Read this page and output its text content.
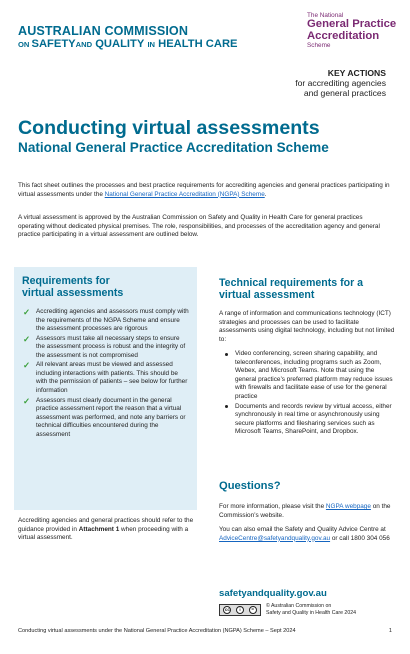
AUSTRALIAN COMMISSION
ON SAFETYAND QUALITY IN HEALTH CARE
The National
General Practice
Accreditation
Scheme
KEY ACTIONS
for accrediting agencies
and general practices
Conducting virtual assessments
National General Practice Accreditation Scheme

This fact sheet outlines the processes and best practice requirements for accrediting agencies and general practices participating in virtual assessments under the National General Practice Accreditation (NGPA) Scheme.

A virtual assessment is approved by the Australian Commission on Safety and Quality in Health Care for general practices operating without dedicated physical premises. The role, responsibilities, and processes of the accreditation agency and general practice participating in a virtual assessment are outlined below.

Requirements for
virtual assessments
✓ Accrediting agencies and assessors must comply with the requirements of the NGPA Scheme and ensure the assessment processes are rigorous
✓ Assessors must take all necessary steps to ensure the assessment process is robust and the integrity of the assessment is not compromised
✓ All relevant areas must be viewed and assessed including interactions with patients. This should be with the permission of patients – see below for further information
✓ Assessors must clearly document in the general practice assessment report the reason that a virtual assessment was performed, and note any barriers or technical difficulties encountered during the assessment

Accrediting agencies and general practices should refer to the guidance provided in Attachment 1 when proceeding with a virtual assessment.

Technical requirements for a
virtual assessment

A range of information and communications technology (ICT) strategies and processes can be used to facilitate assessments using digital technology, including but not limited to:

Video conferencing, screen sharing capability, and teleconferences, including programs such as Zoom, Webex, and Microsoft Teams. Note that using the general practice’s preferred platform may reduce issues with firewalls and facilitate ease of use for the general practice
Documents and records review by virtual access, either synchronously in real time or asynchronously using secure platforms and filesharing services such as Microsoft Teams, SharePoint, and Dropbox.
Questions?

For more information, please visit the NGPA webpage on the Commission’s website.

You can also email the Safety and Quality Advice Centre at AdviceCentre@safetyandquality.gov.au or call 1800 304 056

safetyandquality.gov.au
cc	i	=	© Australian Commission on
Safety and Quality in Health Care 2024
Conducting virtual assessments under the National General Practice Accreditation (NGPA) Scheme – Sept 2024	1
